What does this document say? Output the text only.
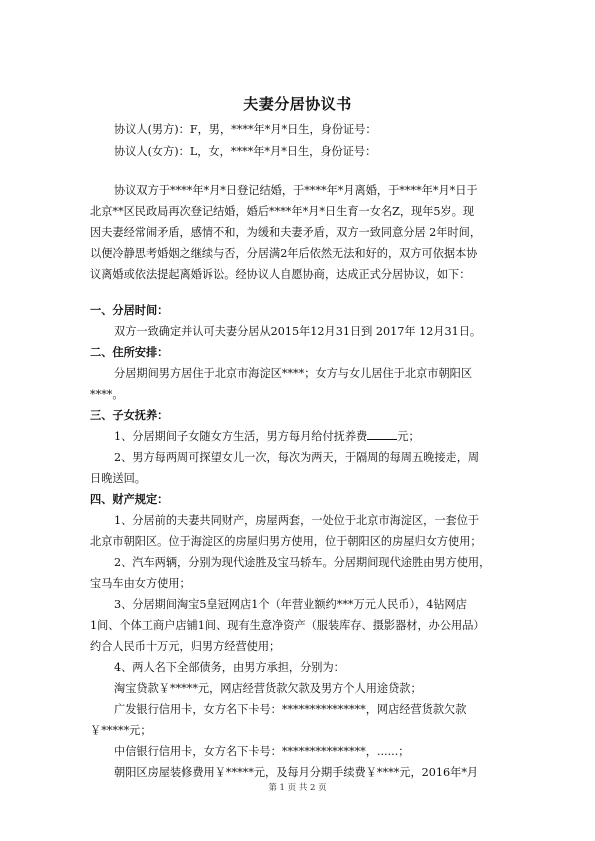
夫妻分居协议书
协议人(男方)：F，男，****年*月*日生，身份证号：
协议人(女方)：L，女，****年*月*日生，身份证号：
协议双方于****年*月*日登记结婚，于****年*月离婚，于****年*月*日于
北京**区民政局再次登记结婚，婚后****年*月*日生育一女名Z，现年5岁。现
因夫妻经常闹矛盾，感情不和，为缓和夫妻矛盾，双方一致同意分居 2年时间，
以便冷静思考婚姻之继续与否，分居满2年后依然无法和好的，双方可依据本协
议离婚或依法提起离婚诉讼。经协议人自愿协商，达成正式分居协议，如下：
一、分居时间：
双方一致确定并认可夫妻分居从2015年12月31日到 2017年 12月31日。
二、住所安排：
分居期间男方居住于北京市海淀区****；女方与女儿居住于北京市朝阳区
****。
三、子女抚养：
1、分居期间子女随女方生活，男方每月给付抚养费	元；
2、男方每两周可探望女儿一次，每次为两天，于隔周的每周五晚接走，周
日晚送回。
四、财产规定：
1、分居前的夫妻共同财产，房屋两套，一处位于北京市海淀区，一套位于
北京市朝阳区。位于海淀区的房屋归男方使用，位于朝阳区的房屋归女方使用；
2、汽车两辆，分别为现代途胜及宝马轿车。分居期间现代途胜由男方使用，
宝马车由女方使用；
3、分居期间淘宝5皇冠网店1个（年营业额约***万元人民币），4钻网店
1间、个体工商户店铺1间、现有生意净资产（服装库存、摄影器材，办公用品）
约合人民币十万元，归男方经营使用；
4、两人名下全部债务，由男方承担，分别为：
淘宝贷款￥*****元，网店经营货款欠款及男方个人用途贷款；
广发银行信用卡，女方名下卡号：***************，网店经营货款欠款
￥*****元；
中信银行信用卡，女方名下卡号：***************，......；
朝阳区房屋装修费用￥*****元，及每月分期手续费￥****元，2016年*月
第 1 页 共 2 页
